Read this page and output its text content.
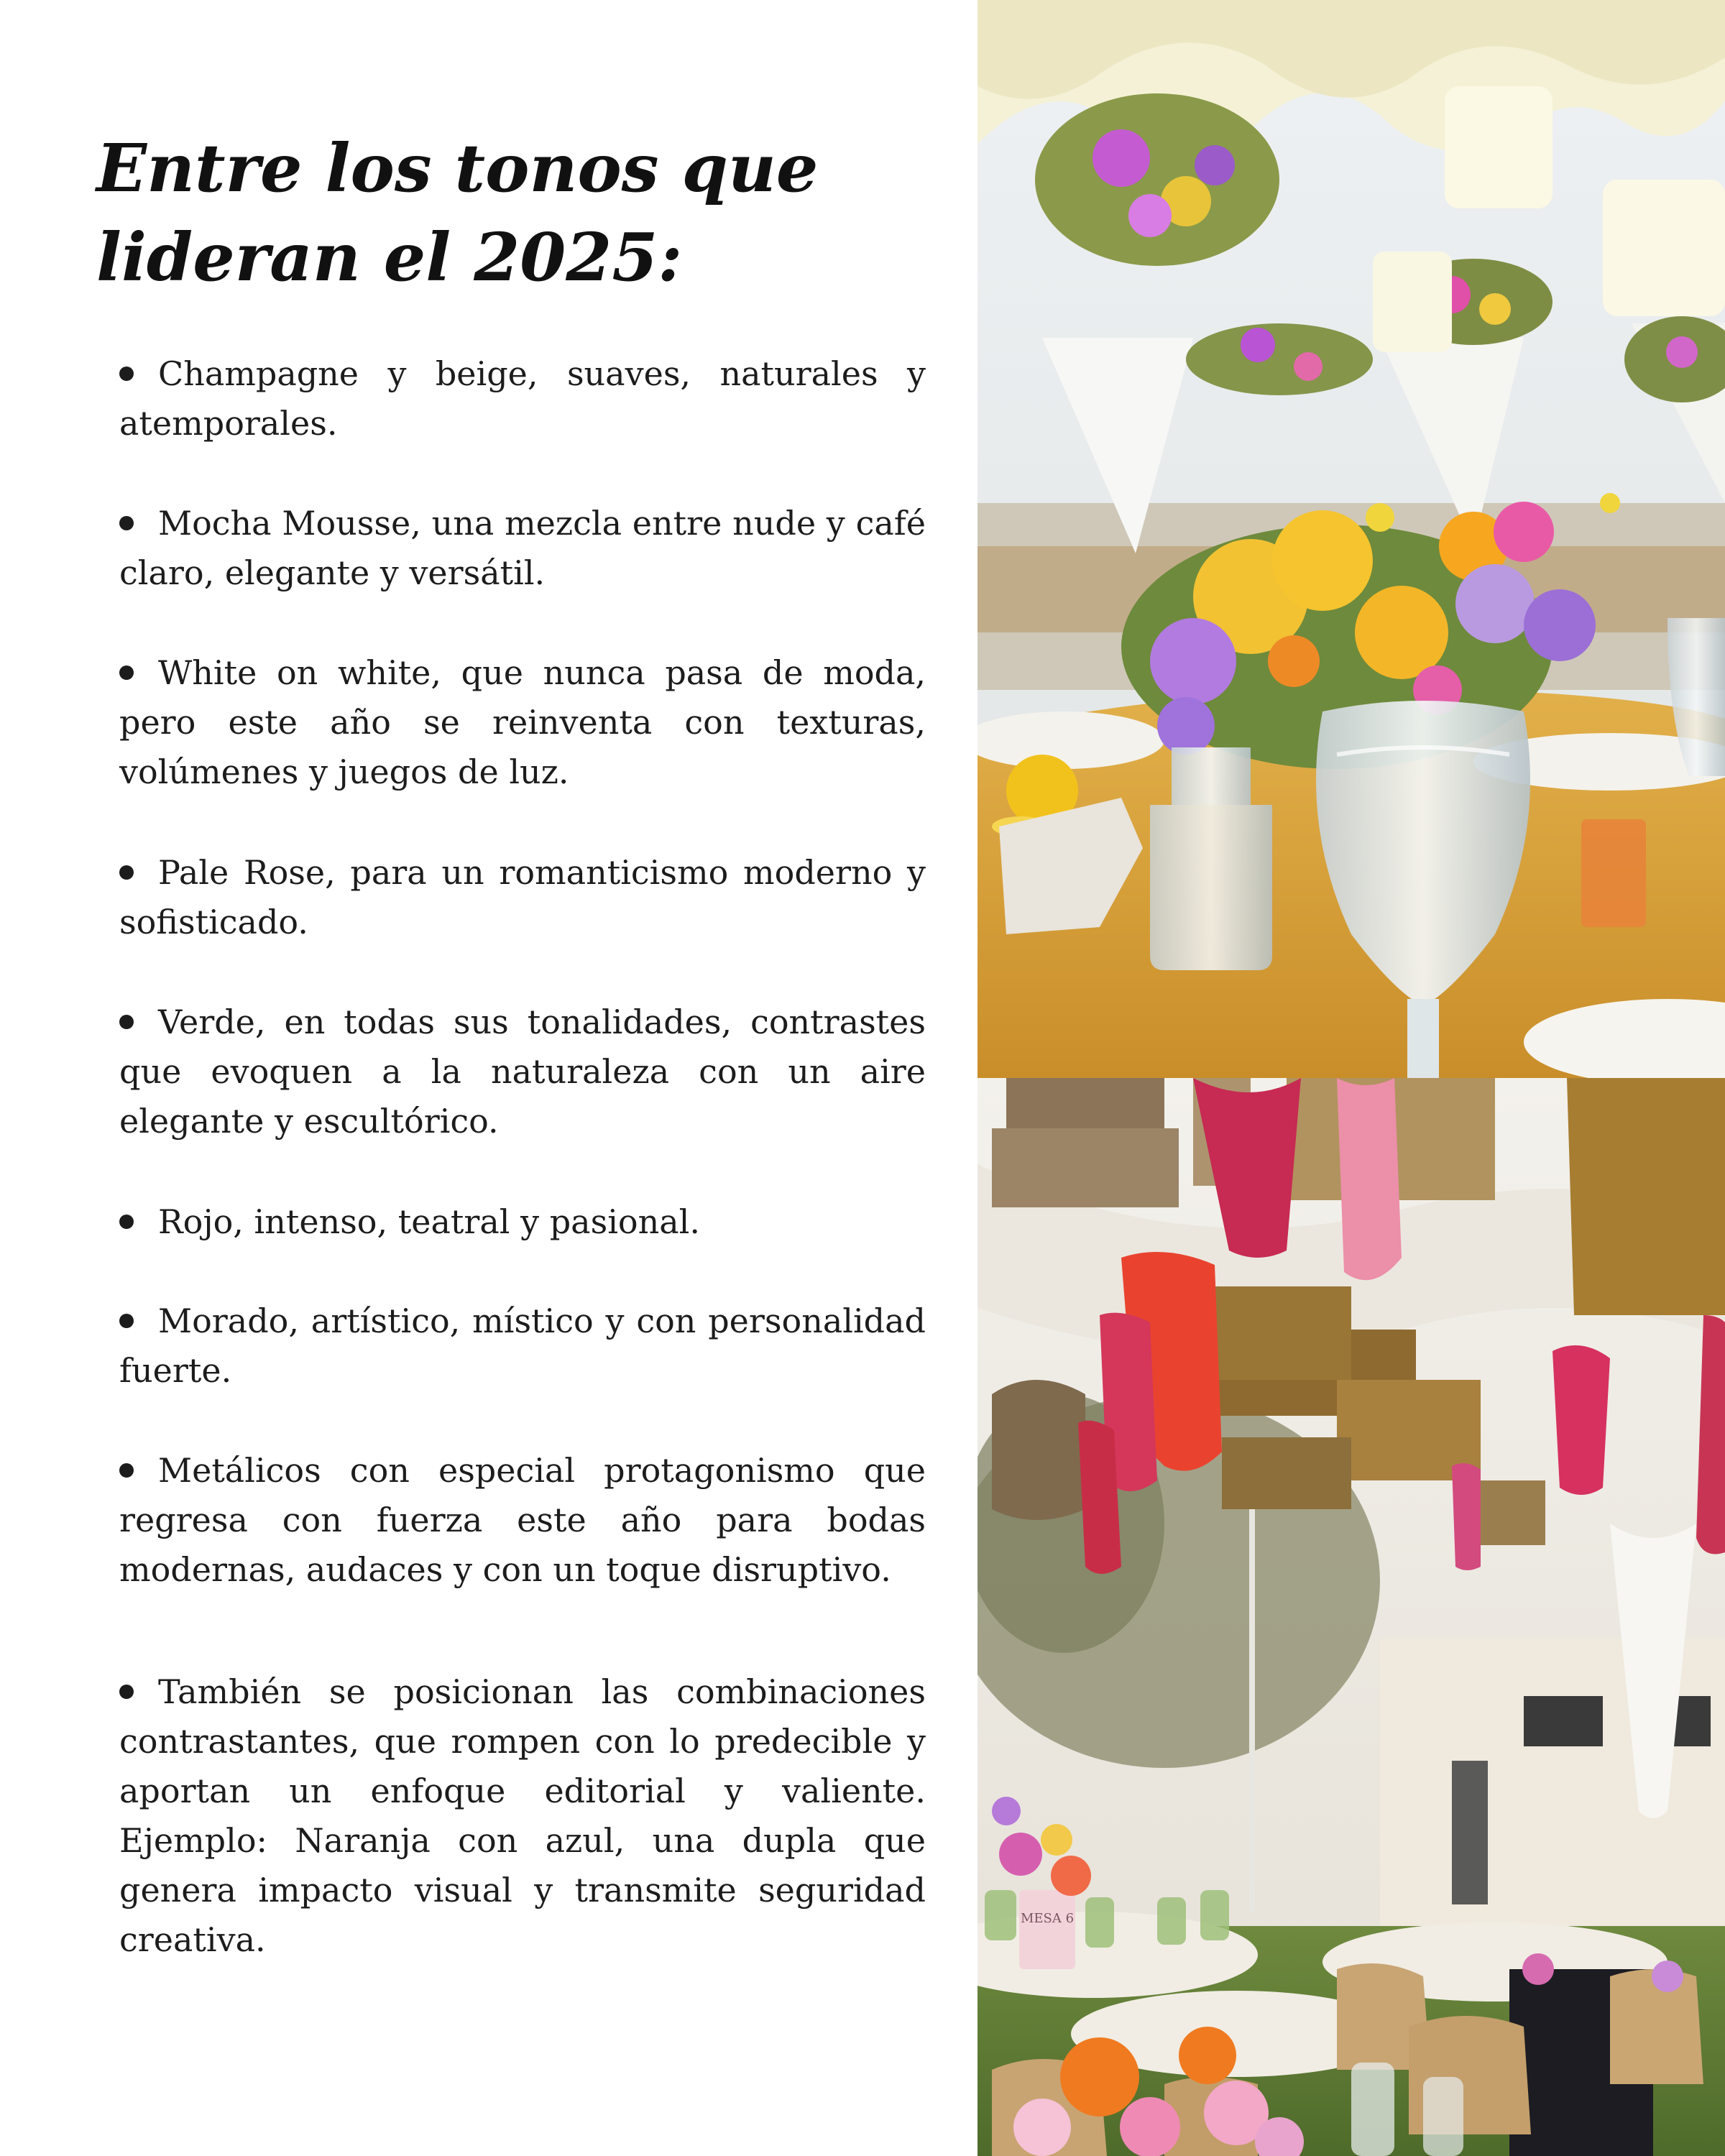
Entre los tonos que
lideran el 2025:
Champagne y beige, suaves, naturales y atemporales.
Mocha Mousse, una mezcla entre nude y café claro, elegante y versátil.
White on white, que nunca pasa de moda, pero este año se reinventa con texturas, volúmenes y juegos de luz.
Pale Rose, para un romanticismo moderno y sofisticado.
Verde, en todas sus tonalidades, contrastes que evoquen a la naturaleza con un aire elegante y escultórico.
Rojo, intenso, teatral y pasional.
Morado, artístico, místico y con personalidad fuerte.
Metálicos con especial protagonismo que regresa con fuerza este año para bodas modernas, audaces y con un toque disruptivo.
También se posicionan las combinaciones contrastantes, que rompen con lo predecible y aportan un enfoque editorial y valiente. Ejemplo: Naranja con azul, una dupla que genera impacto visual y transmite seguridad creativa.
MESA 6
